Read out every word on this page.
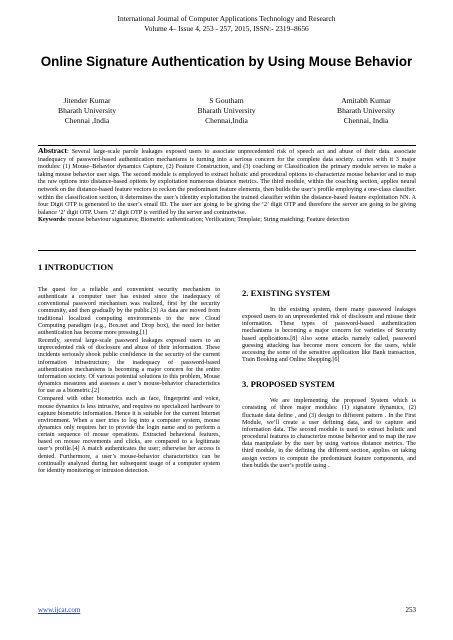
International Journal of Computer Applications Technology and Research
Volume 4– Issue 4, 253 - 257, 2015, ISSN:- 2319–8656
Online Signature Authentication by Using Mouse Behavior
Jitender Kumar
Bharath University
Chennai ,India
S Goutham
Bharath University
Chennai,India
Amitabh Kumar
Bharath University
Chennai, India
Abstract: Several large-scale parole leakages exposed users to associate unprecedented risk of speech act and abuse of their data. associate inadequacy of password-based authentication mechanisms is turning into a serious concern for the complete data society. carries with it 3 major modules: (1) Mouse–Behavior dynamics Capture, (2) Feature Construction, and (3) coaching or Classification the primary module serves to make a taking mouse behavior user sign. The second module is employed to extract holistic and procedural options to characterize mouse behavior and to map the raw options into distance-based options by exploitation numerous distance metrics. The third module, within the coaching section, applies neural network on the distance-based feature vectors to reckon the predominant feature elements, then builds the user’s profile employing a one-class classifier. within the classification section, it determines the user’s identity exploitation the trained classifier within the distance-based feature exploitation NN. A four Digit OTP is generated to the user’s email ID. The user are going to be giving the ‘2’ digit OTP and therefore the server are going to be giving balance ‘2’ digit OTP. Users ‘2’ digit OTP is verified by the server and contrariwise.
Keywords: mouse behaviour signatures; Biometric authentication; Verification; Template; String matching; Feature detection
1 INTRODUCTION

The quest for a reliable and convenient security mechanism to authenticate a computer user has existed since the inadequacy of conventional password mechanism was realized, first by the security community, and then gradually by the public.[3] As data are moved from traditional localized computing environments to the new Cloud Computing paradigm (e.g., Box.net and Drop box), the need for better authentication has become more pressing.[1]

Recently, several large-scale password leakages exposed users to an unprecedented risk of disclosure and abuse of their information. These incidents seriously shook public confidence in the security of the current information infrastructure; the inadequacy of password-based authentication mechanisms is becoming a major concern for the entire information society. Of various potential solutions to this problem, Mouse dynamics measures and assesses a user’s mouse-behavior characteristics for use as a biometric.[2]

Compared with other biometrics such as face, fingerprint and voice, mouse dynamics is less intrusive, and requires no specialized hardware to capture biometric information. Hence it is suitable for the current Internet environment. When a user tries to log into a computer system, mouse dynamics only requires her to provide the login name and to perform a certain sequence of mouse operations. Extracted behavioral features, based on mouse movements and clicks, are compared to a legitimate user’s profile.[4] A match authenticates the user; otherwise her access is denied. Furthermore, a user’s mouse-behavior characteristics can be continually analyzed during her subsequent usage of a computer system for identity monitoring or intrusion detection.

2. EXISTING SYSTEM

In the existing system, there many password leakages exposed users to an unprecedented risk of disclosure and misuse their information. These types of password-based authentication mechanisms is becoming a major concern for varieties of Security based applications.[8] Also some attacks namely called, password guessing attacking has become more concern for the users, while accessing the some of the sensitive application like Bank transaction, Train Booking and Online Shopping.[6]

3. PROPOSED SYSTEM

We are implementing the proposed System which is consisting of three major modules: (1) signature dynamics, (2) fluctuate data define , and (3) design to different pattern . In the First Module, we’ll create a user defining data, and to capture and information data. The second module is used to extract holistic and procedural features to characterize mouse behavior and to map the raw data manipulate by the user by using various distance metrics. The third module, in the defining the different section, applies on taking assign vectors to compute the predominant feature components, and then builds the user’s profile using .

www.ijcat.com	253
